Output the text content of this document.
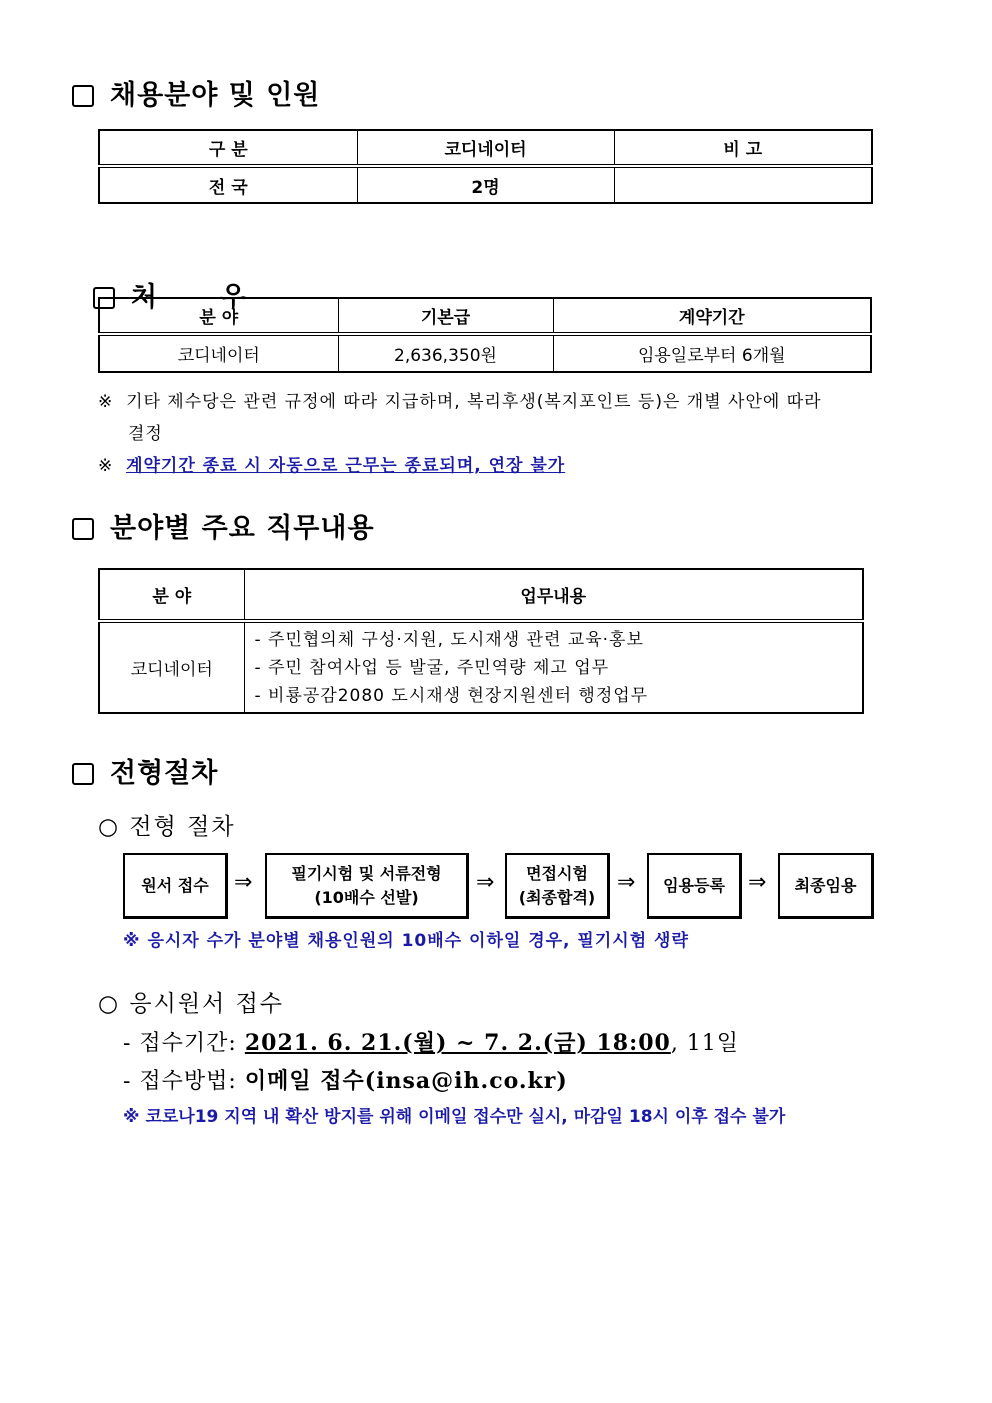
채용분야 및 인원
구 분	코디네이터	비 고
전 국	2명	

처      우

분 야	기본급	계약기간
코디네이터	2,636,350원	임용일로부터 6개월
※ 기타 제수당은 관련 규정에 따라 지급하며, 복리후생(복지포인트 등)은 개별 사안에 따라
결정
※ 계약기간 종료 시 자동으로 근무는 종료되며, 연장 불가
분야별 주요 직무내용
분 야	업무내용
코디네이터	- 주민협의체 구성·지원, 도시재생 관련 교육·홍보
- 주민 참여사업 등 발굴, 주민역량 제고 업무
- 비룡공감2080 도시재생 현장지원센터 행정업무
전형절차
○ 전형 절차
원서 접수 ⇒ 필기시험 및 서류전형
(10배수 선발)
⇒	면접시험
(최종합격)
⇒ 임용등록 ⇒ 최종임용
※ 응시자 수가 분야별 채용인원의 10배수 이하일 경우, 필기시험 생략
○ 응시원서 접수
- 접수기간: 2021. 6. 21.(월) ~ 7. 2.(금) 18:00, 11일
- 접수방법: 이메일 접수(insa@ih.co.kr)
※ 코로나19 지역 내 확산 방지를 위해 이메일 접수만 실시, 마감일 18시 이후 접수 불가
